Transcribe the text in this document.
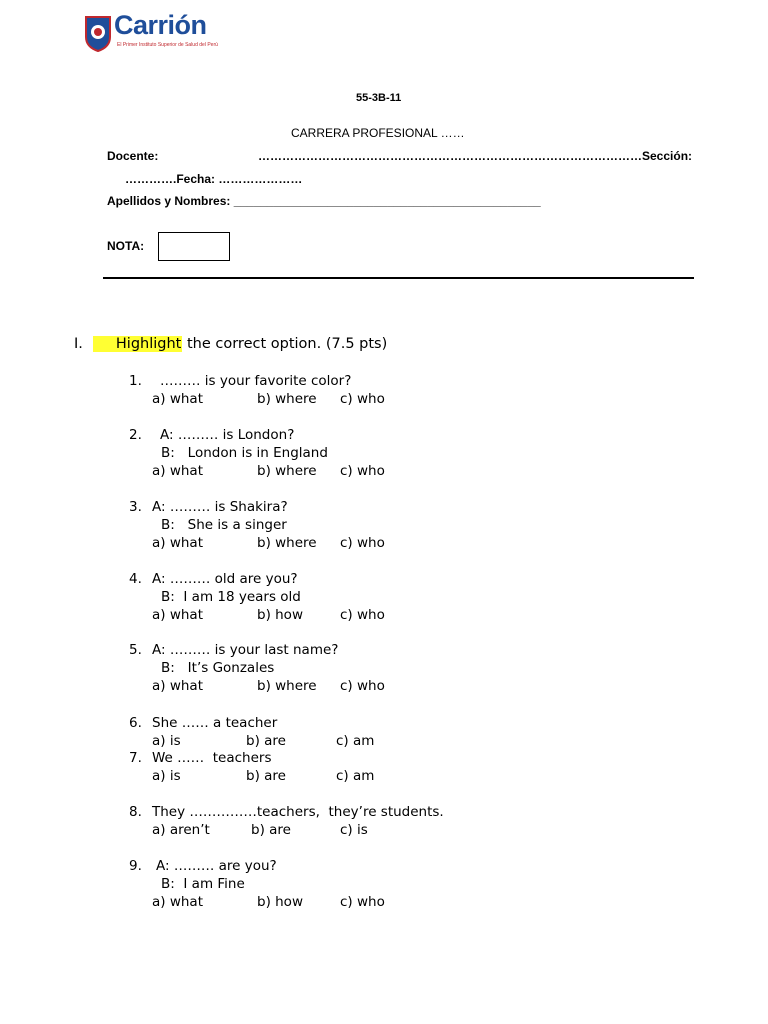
Carrión
El Primer Instituto Superior de Salud del Perú
55-3B-11
CARRERA PROFESIONAL ……
Docente:	……………………………………………………………………………………Sección:
………….Fecha: …………………
Apellidos y Nombres: ______________________________________________
NOTA:
I. Highlight the correct option. (7.5 pts)
1. ……… is your favorite color?
a) what	b) where c) who
2. A: ……… is London?
B:   London is in England
a) what	b) where c) who
3. A: ……… is Shakira?
B:   She is a singer
a) what	b) where c) who
4. A: ……… old are you?
B:  I am 18 years old
a) what	b) how	c) who
5. A: ……… is your last name?
B:   It’s Gonzales
a) what	b) where c) who
6. She …… a teacher
a) is	b) are	c) am
7. We ……  teachers
a) is	b) are	c) am
8. They ……………teachers,  they’re students.
a) aren’t	b) are	c) is
9. A: ……… are you?
B:  I am Fine
a) what	b) how	c) who
